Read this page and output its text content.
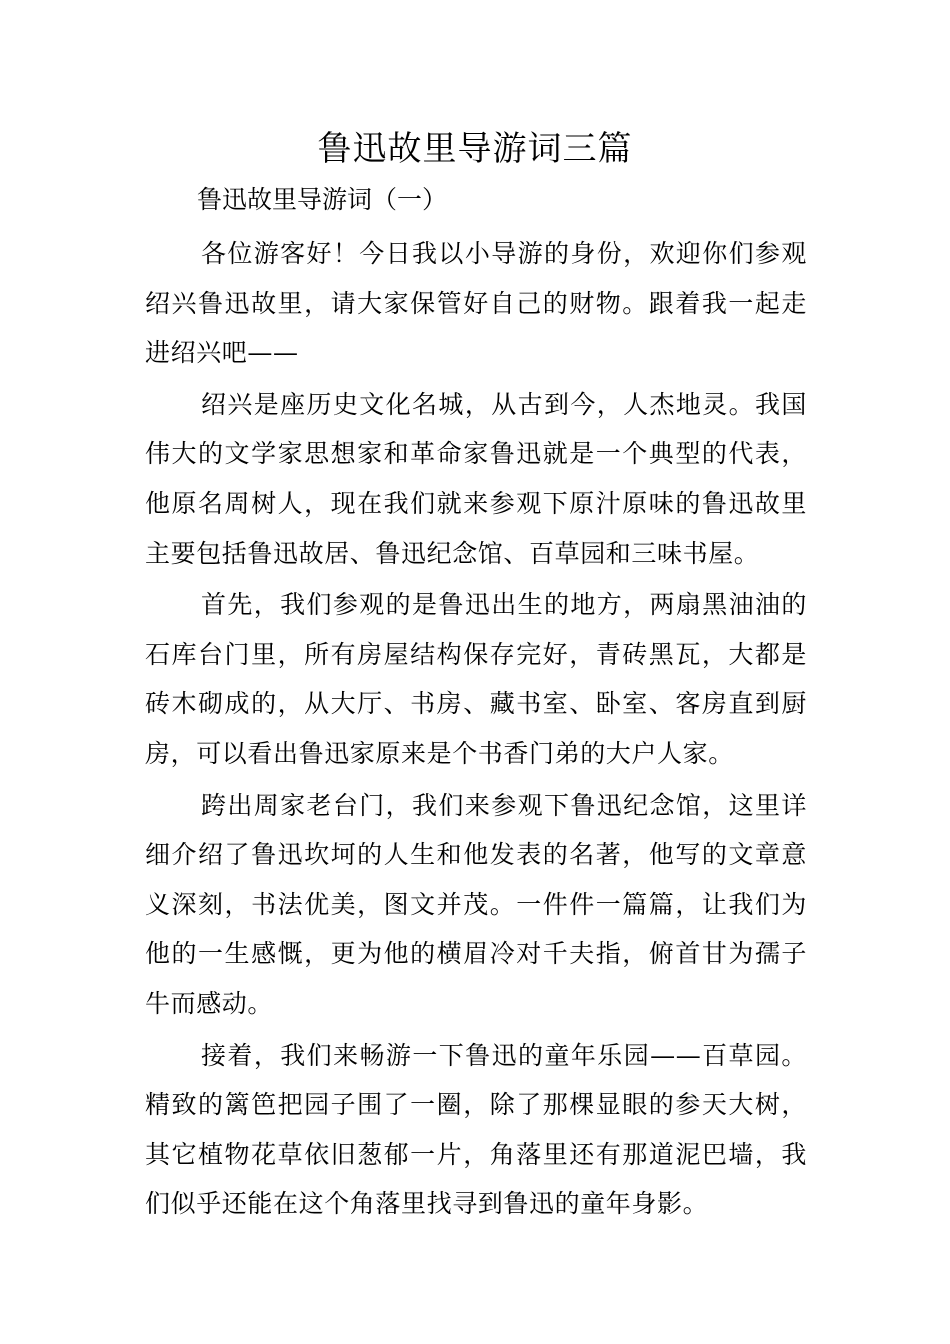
鲁迅故里导游词三篇

鲁迅故里导游词（一）

各位游客好！今日我以小导游的身份，欢迎你们参观绍兴鲁迅故里，请大家保管好自己的财物。跟着我一起走进绍兴吧——

绍兴是座历史文化名城，从古到今，人杰地灵。我国伟大的文学家思想家和革命家鲁迅就是一个典型的代表，他原名周树人，现在我们就来参观下原汁原味的鲁迅故里主要包括鲁迅故居、鲁迅纪念馆、百草园和三味书屋。

首先，我们参观的是鲁迅出生的地方，两扇黑油油的石库台门里，所有房屋结构保存完好，青砖黑瓦，大都是砖木砌成的，从大厅、书房、藏书室、卧室、客房直到厨房，可以看出鲁迅家原来是个书香门弟的大户人家。

跨出周家老台门，我们来参观下鲁迅纪念馆，这里详细介绍了鲁迅坎坷的人生和他发表的名著，他写的文章意义深刻，书法优美，图文并茂。一件件一篇篇，让我们为他的一生感慨，更为他的横眉冷对千夫指，俯首甘为孺子牛而感动。

接着，我们来畅游一下鲁迅的童年乐园——百草园。精致的篱笆把园子围了一圈，除了那棵显眼的参天大树，其它植物花草依旧葱郁一片，角落里还有那道泥巴墙，我们似乎还能在这个角落里找寻到鲁迅的童年身影。
